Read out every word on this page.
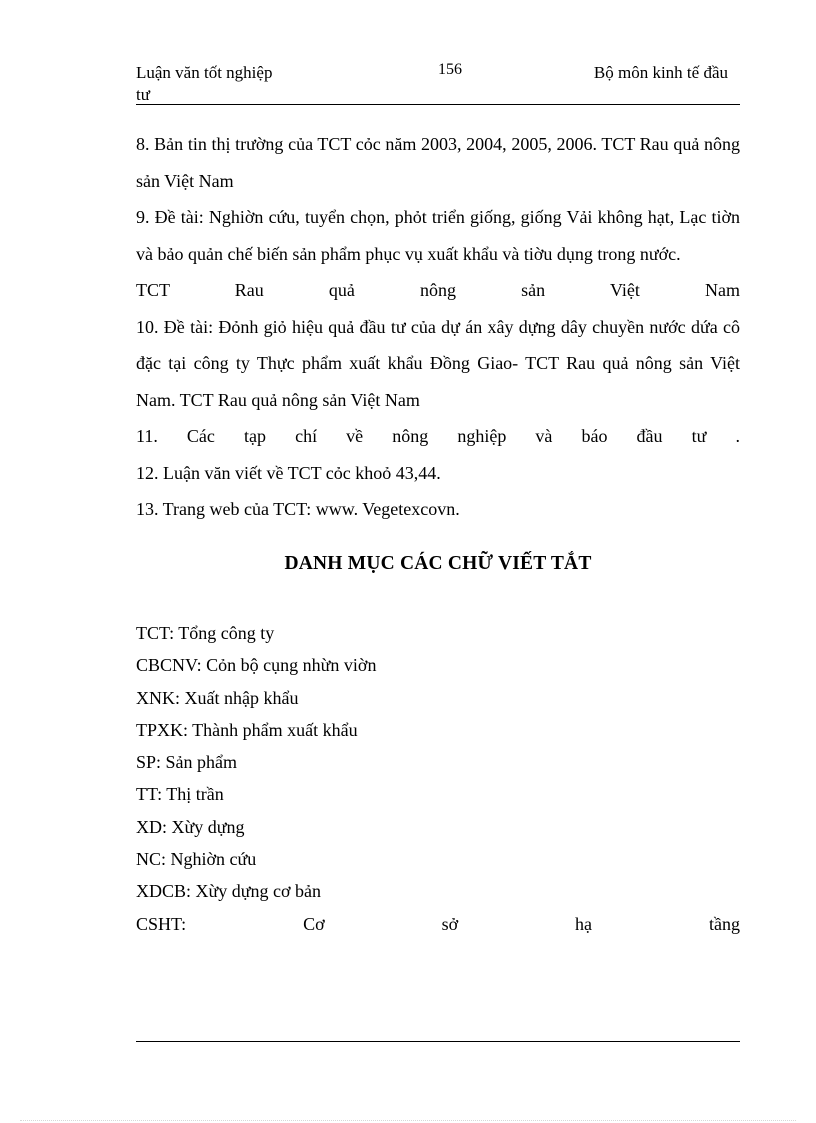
Luận văn tốt nghiệp
tư
156	Bộ môn kinh tế đầu

8. Bản tin thị trường của TCT cỏc năm 2003, 2004, 2005, 2006. TCT Rau quả nông sản Việt Nam

9. Đề tài: Nghiờn cứu, tuyển chọn, phỏt triển giống, giống Vải không hạt, Lạc tiờn và bảo quản chế biến sản phẩm phục vụ xuất khẩu và tiờu dụng trong nước.

TCT Rau quả nông sản Việt Nam

10. Đề tài: Đỏnh giỏ hiệu quả đầu tư của dự án xây dựng dây chuyền nước dứa cô đặc tại công ty Thực phẩm xuất khẩu Đồng Giao- TCT Rau quả nông sản Việt Nam. TCT Rau quả nông sản Việt Nam

11. Các tạp chí về nông nghiệp và báo đầu tư .

12. Luận văn viết về TCT cỏc khoỏ 43,44.

13. Trang web của TCT: www. Vegetexcovn.

DANH MỤC CÁC CHỮ VIẾT TẮT

TCT: Tổng công ty

CBCNV: Cỏn bộ cụng nhừn viờn

XNK: Xuất nhập khẩu

TPXK: Thành phẩm xuất khẩu

SP: Sản phẩm

TT: Thị trần

XD: Xừy dựng

NC: Nghiờn cứu

XDCB: Xừy dựng cơ bản

CSHT:	Cơ	sở	hạ	tầng
